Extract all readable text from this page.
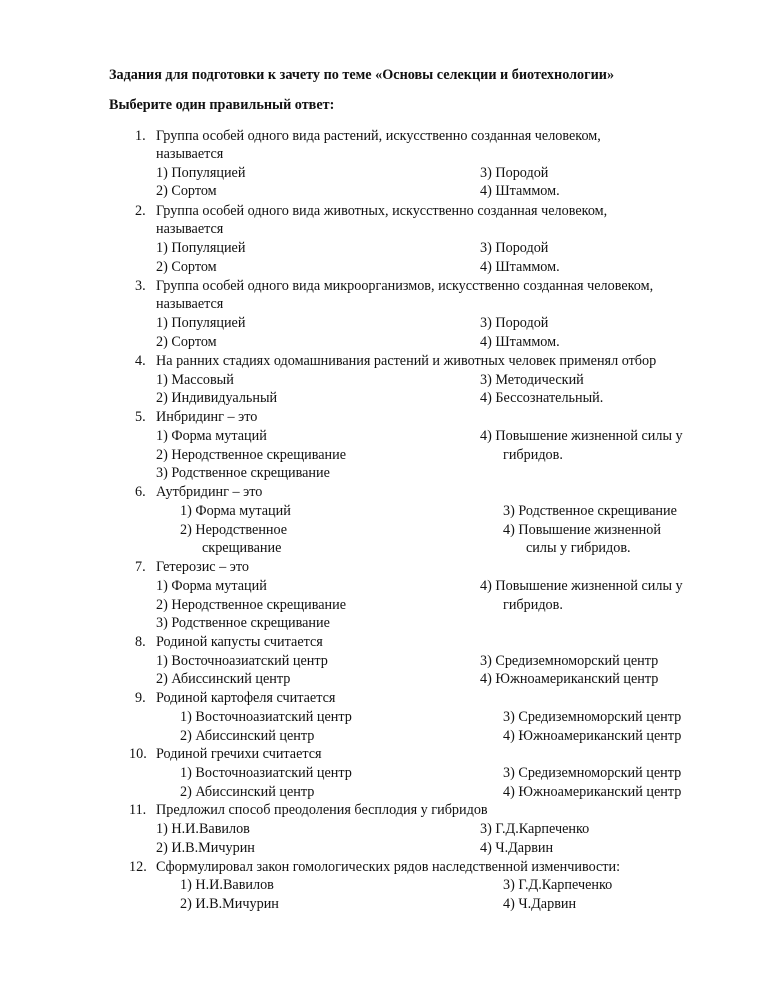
Задания для подготовки к зачету по теме «Основы селекции и биотехнологии»
Выберите один правильный ответ:
1. Группа особей одного вида растений, искусственно созданная человеком,
называется
1) Популяцией	3) Породой
2) Сортом	4) Штаммом.
2. Группа особей одного вида животных, искусственно созданная человеком,
называется
1) Популяцией	3) Породой
2) Сортом	4) Штаммом.
3. Группа особей одного вида микроорганизмов, искусственно созданная человеком,
называется
1) Популяцией	3) Породой
2) Сортом	4) Штаммом.
4. На ранних стадиях одомашнивания растений и животных человек применял отбор
1) Массовый	3) Методический
2) Индивидуальный	4) Бессознательный.
5. Инбридинг – это
1) Форма мутаций	4) Повышение жизненной силы у
2) Неродственное скрещивание	гибридов.
3) Родственное скрещивание
6. Аутбридинг – это
1) Форма мутаций	3) Родственное скрещивание
2) Неродственное	4) Повышение жизненной
скрещивание	силы у гибридов.
7. Гетерозис – это
1) Форма мутаций	4) Повышение жизненной силы у
2) Неродственное скрещивание	гибридов.
3) Родственное скрещивание
8. Родиной капусты считается
1) Восточноазиатский центр	3) Средиземноморский центр
2) Абиссинский центр	4) Южноамериканский центр
9. Родиной картофеля считается
1) Восточноазиатский центр	3) Средиземноморский центр
2) Абиссинский центр	4) Южноамериканский центр
10. Родиной гречихи считается
1) Восточноазиатский центр	3) Средиземноморский центр
2) Абиссинский центр	4) Южноамериканский центр
11. Предложил способ преодоления бесплодия у гибридов
1) Н.И.Вавилов	3) Г.Д.Карпеченко
2) И.В.Мичурин	4) Ч.Дарвин
12. Сформулировал закон гомологических рядов наследственной изменчивости:
1) Н.И.Вавилов	3) Г.Д.Карпеченко
2) И.В.Мичурин	4) Ч.Дарвин
